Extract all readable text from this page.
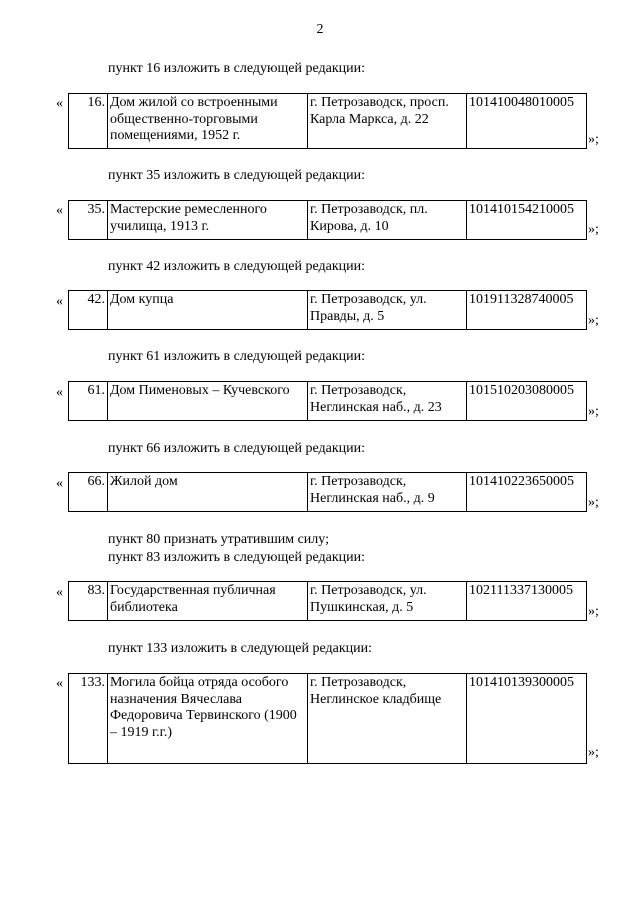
2
пункт 16 изложить в следующей редакции:
« 16.	Дом жилой со встроенными общественно-торговыми помещениями, 1952 г.	г. Петрозаводск, просп. Карла Маркса, д. 22	101410048010005
»;
пункт 35 изложить в следующей редакции:
« 35.	Мастерские ремесленного училища, 1913 г.	г. Петрозаводск, пл. Кирова, д. 10	101410154210005
»;
пункт 42 изложить в следующей редакции:
« 42.	Дом купца	г. Петрозаводск, ул. Правды, д. 5	101911328740005
»;
пункт 61 изложить в следующей редакции:
« 61.	Дом Пименовых – Кучевского	г. Петрозаводск, Неглинская наб., д. 23	101510203080005
»;
пункт 66 изложить в следующей редакции:
« 66.	Жилой дом	г. Петрозаводск, Неглинская наб., д. 9	101410223650005
»;
пункт 80 признать утратившим силу;
пункт 83 изложить в следующей редакции:
« 83.	Государственная публичная библиотека	г. Петрозаводск, ул. Пушкинская, д. 5	102111337130005
»;
пункт 133 изложить в следующей редакции:
« 133.	Могила бойца отряда особого назначения Вячеслава Федоровича Тервинского (1900 – 1919 г.г.)	г. Петрозаводск, Неглинское кладбище	101410139300005
»;
